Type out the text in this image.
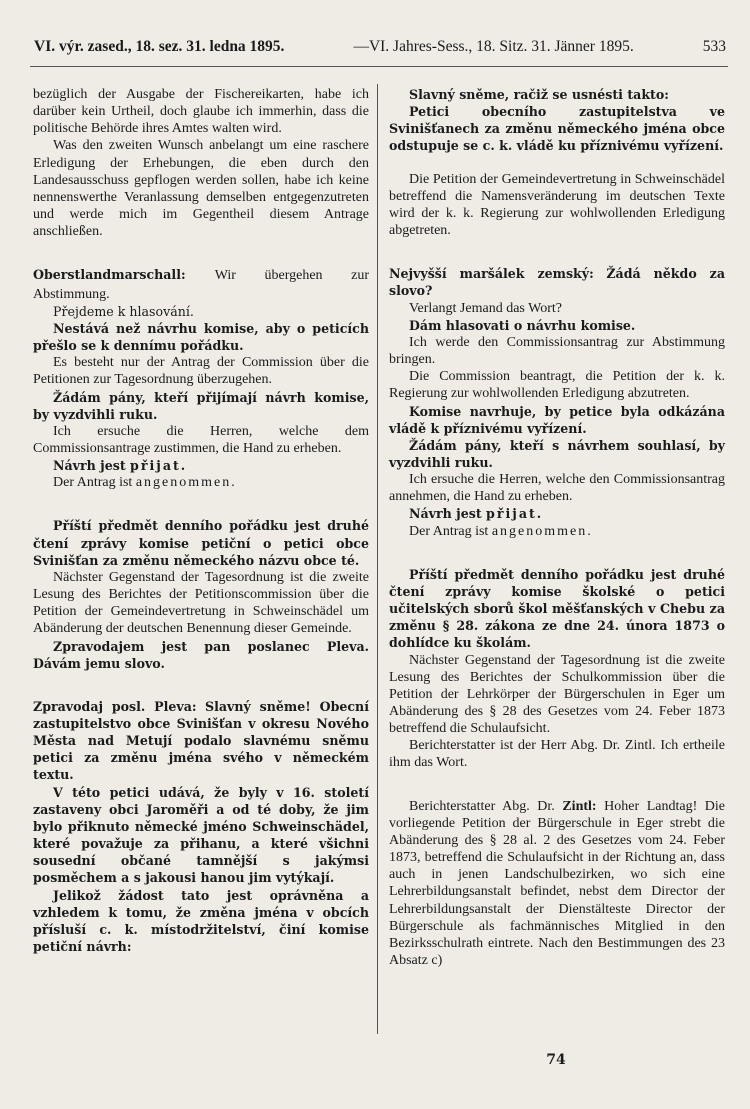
VI. výr. zased., 18. sez. 31. ledna 1895.	—VI. Jahres-Sess., 18. Sitz. 31. Jänner 1895.	533

bezüglich der Ausgabe der Fischereikarten, habe ich darüber kein Urtheil, doch glaube ich immerhin, dass die politische Behörde ihres Amtes walten wird.

Was den zweiten Wunsch anbelangt um eine raschere Erledigung der Erhebungen, die eben durch den Landesausschuss gepflogen werden sollen, habe ich keine nennenswerthe Veranlassung demselben entgegenzutreten und werde mich im Gegentheil diesem Antrage anschließen.

Oberstlandmarschall: Wir übergehen zur Abstimmung.

Přejdeme k hlasování.

Nestává než návrhu komise, aby o peticích přešlo se k dennímu pořádku.

Es besteht nur der Antrag der Commission über die Petitionen zur Tagesordnung überzugehen.

Žádám pány, kteří přijímají návrh komise, by vyzdvihli ruku.

Ich ersuche die Herren, welche dem Commissionsantrage zustimmen, die Hand zu erheben.

Návrh jest přijat.

Der Antrag ist angenommen.

Příští předmět denního pořádku jest druhé čtení zprávy komise petiční o petici obce Svinišťan za změnu německého názvu obce té.

Nächster Gegenstand der Tagesordnung ist die zweite Lesung des Berichtes der Petitionscommission über die Petition der Gemeindevertretung in Schweinschädel um Abänderung der deutschen Benennung dieser Gemeinde.

Zpravodajem jest pan poslanec Pleva. Dávám jemu slovo.

Zpravodaj posl. Pleva: Slavný sněme! Obecní zastupitelstvo obce Svinišťan v okresu Nového Města nad Metují podalo slavnému sněmu petici za změnu jména svého v německém textu.

V této petici udává, že byly v 16. století zastaveny obci Jaroměři a od té doby, že jim bylo přiknuto německé jméno Schweinschädel, které považuje za přihanu, a které všichni sousední občané tamnější s jakýmsi posměchem a s jakousi hanou jim vytýkají.

Jelikož žádost tato jest oprávněna a vzhledem k tomu, že změna jména v obcích přísluší c. k. místodržitelství, činí komise petiční návrh:

Slavný sněme, račiž se usnésti takto:

Petici obecního zastupitelstva ve Svinišťanech za změnu německého jména obce odstupuje se c. k. vládě ku příznivému vyřízení.

Die Petition der Gemeindevertretung in Schweinschädel betreffend die Namensveränderung im deutschen Texte wird der k. k. Regierung zur wohlwollenden Erledigung abgetreten.

Nejvyšší maršálek zemský: Žádá někdo za slovo?

Verlangt Jemand das Wort?

Dám hlasovati o návrhu komise.

Ich werde den Commissionsantrag zur Abstimmung bringen.

Die Commission beantragt, die Petition der k. k. Regierung zur wohlwollenden Erledigung abzutreten.

Komise navrhuje, by petice byla odkázána vládě k příznivému vyřízení.

Žádám pány, kteří s návrhem souhlasí, by vyzdvihli ruku.

Ich ersuche die Herren, welche den Commissionsantrag annehmen, die Hand zu erheben.

Návrh jest přijat.

Der Antrag ist angenommen.

Příští předmět denního pořádku jest druhé čtení zprávy komise školské o petici učitelských sborů škol měšťanských v Chebu za změnu § 28. zákona ze dne 24. února 1873 o dohlídce ku školám.

Nächster Gegenstand der Tagesordnung ist die zweite Lesung des Berichtes der Schulkommission über die Petition der Lehrkörper der Bürgerschulen in Eger um Abänderung des § 28 des Gesetzes vom 24. Feber 1873 betreffend die Schulaufsicht.

Berichterstatter ist der Herr Abg. Dr. Zintl. Ich ertheile ihm das Wort.

Berichterstatter Abg. Dr. Zintl: Hoher Landtag! Die vorliegende Petition der Bürgerschule in Eger strebt die Abänderung des § 28 al. 2 des Gesetzes vom 24. Feber 1873, betreffend die Schulaufsicht in der Richtung an, dass auch in jenen Landschulbezirken, wo sich eine Lehrerbildungsanstalt befindet, nebst dem Director der Lehrerbildungsanstalt der Dienstälteste Director der Bürgerschule als fachmännisches Mitglied in den Bezirksschulrath eintrete. Nach den Bestimmungen des 23 Absatz c)

74
